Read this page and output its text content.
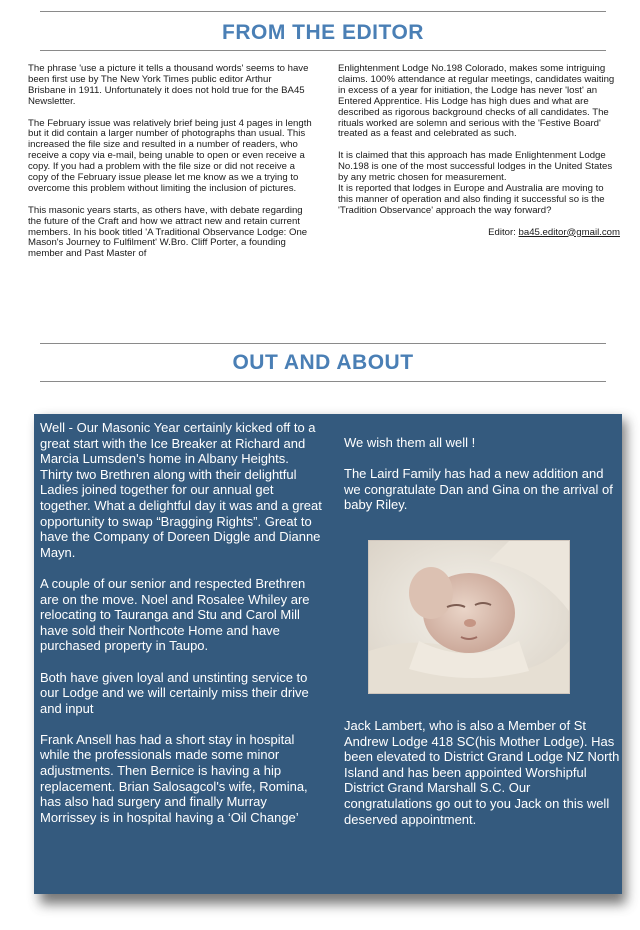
FROM THE EDITOR

The phrase 'use a picture it tells a thousand words' seems to have been first use by The New York Times public editor Arthur Brisbane in 1911. Unfortunately it does not hold true for the BA45 Newsletter.

The February issue was relatively brief being just 4 pages in length but it did contain a larger number of photographs than usual. This increased the file size and resulted in a number of readers, who receive a copy via e-mail, being unable to open or even receive a copy. If you had a problem with the file size or did not receive a copy of the February issue please let me know as we a trying to overcome this problem without limiting the inclusion of pictures.

This masonic years starts, as others have, with debate regarding the future of the Craft and how we attract new and retain current members. In his book titled 'A Traditional Observance Lodge: One Mason's Journey to Fulfilment' W.Bro. Cliff Porter, a founding member and Past Master of

Enlightenment Lodge No.198 Colorado, makes some intriguing claims. 100% attendance at regular meetings, candidates waiting in excess of a year for initiation, the Lodge has never 'lost' an Entered Apprentice. His Lodge has high dues and what are described as rigorous background checks of all candidates. The rituals worked are solemn and serious with the 'Festive Board' treated as a feast and celebrated as such.

It is claimed that this approach has made Enlightenment Lodge No.198 is one of the most successful lodges in the United States by any metric chosen for measurement.

It is reported that lodges in Europe and Australia are moving to this manner of operation and also finding it successful so is the 'Tradition Observance' approach the way forward?

Editor: ba45.editor@gmail.com
OUT AND ABOUT

Well - Our Masonic Year certainly kicked off to a great start with the Ice Breaker at Richard and Marcia Lumsden's home in Albany Heights. Thirty two Brethren along with their delightful Ladies joined together for our annual get together. What a delightful day it was and a great opportunity to swap “Bragging Rights”. Great to have the Company of Doreen Diggle and Dianne Mayn.

A couple of our senior and respected Brethren are on the move. Noel and Rosalee Whiley are relocating to Tauranga and Stu and Carol Mill have sold their Northcote Home and have purchased property in Taupo.

Both have given loyal and unstinting service to our Lodge and we will certainly miss their drive and input

Frank Ansell has had a short stay in hospital while the professionals made some minor adjustments. Then Bernice is having a hip replacement. Brian Salosagcol's wife, Romina, has also had surgery and finally Murray Morrissey is in hospital having a ‘Oil Change’

We wish them all well !

The Laird Family has had a new addition and we congratulate Dan and Gina on the arrival of baby Riley.

Jack Lambert, who is also a Member of St Andrew Lodge 418 SC(his Mother Lodge). Has been elevated to District Grand Lodge NZ North Island and has been appointed Worshipful District Grand Marshall S.C. Our congratulations go out to you Jack on this well deserved appointment.
